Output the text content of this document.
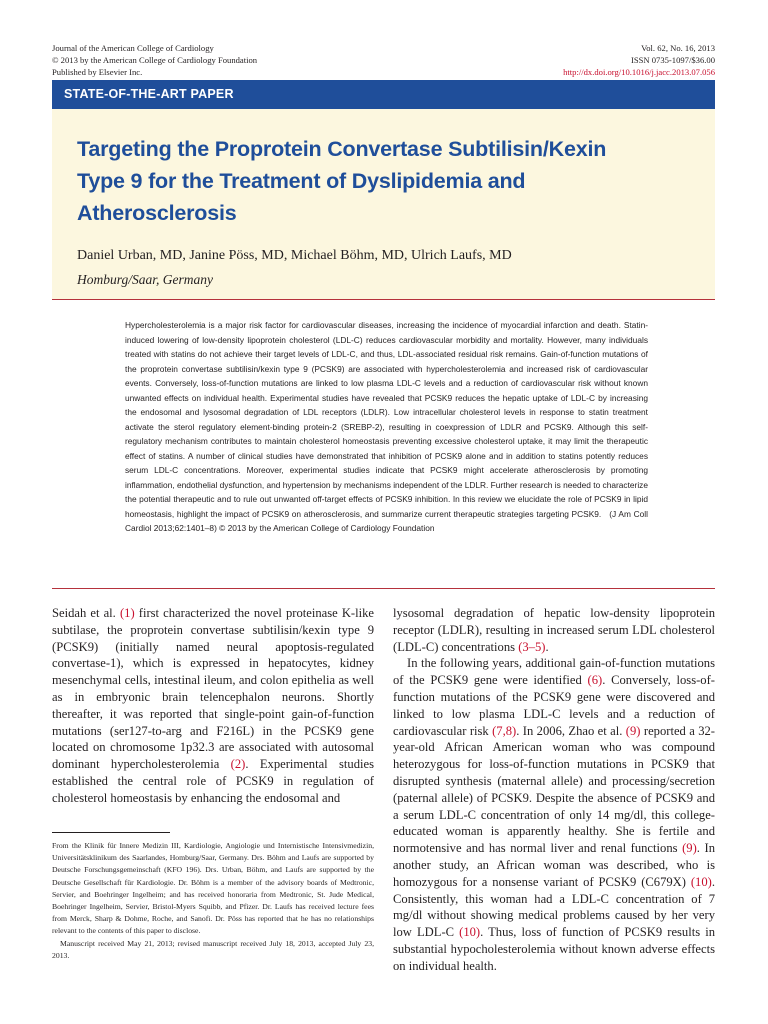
Journal of the American College of Cardiology
© 2013 by the American College of Cardiology Foundation
Published by Elsevier Inc.
Vol. 62, No. 16, 2013
ISSN 0735-1097/$36.00
http://dx.doi.org/10.1016/j.jacc.2013.07.056
STATE-OF-THE-ART PAPER
Targeting the Proprotein Convertase Subtilisin/Kexin Type 9 for the Treatment of Dyslipidemia and Atherosclerosis
Daniel Urban, MD, Janine Pöss, MD, Michael Böhm, MD, Ulrich Laufs, MD
Homburg/Saar, Germany
Hypercholesterolemia is a major risk factor for cardiovascular diseases, increasing the incidence of myocardial infarction and death. Statin-induced lowering of low-density lipoprotein cholesterol (LDL-C) reduces cardiovascular morbidity and mortality. However, many individuals treated with statins do not achieve their target levels of LDL-C, and thus, LDL-associated residual risk remains. Gain-of-function mutations of the proprotein convertase subtilisin/kexin type 9 (PCSK9) are associated with hypercholesterolemia and increased risk of cardiovascular events. Conversely, loss-of-function mutations are linked to low plasma LDL-C levels and a reduction of cardiovascular risk without known unwanted effects on individual health. Experimental studies have revealed that PCSK9 reduces the hepatic uptake of LDL-C by increasing the endosomal and lysosomal degradation of LDL receptors (LDLR). Low intracellular cholesterol levels in response to statin treatment activate the sterol regulatory element-binding protein-2 (SREBP-2), resulting in coexpression of LDLR and PCSK9. Although this self-regulatory mechanism contributes to maintain cholesterol homeostasis preventing excessive cholesterol uptake, it may limit the therapeutic effect of statins. A number of clinical studies have demonstrated that inhibition of PCSK9 alone and in addition to statins potently reduces serum LDL-C concentrations. Moreover, experimental studies indicate that PCSK9 might accelerate atherosclerosis by promoting inflammation, endothelial dysfunction, and hypertension by mechanisms independent of the LDLR. Further research is needed to characterize the potential therapeutic and to rule out unwanted off-target effects of PCSK9 inhibition. In this review we elucidate the role of PCSK9 in lipid homeostasis, highlight the impact of PCSK9 on atherosclerosis, and summarize current therapeutic strategies targeting PCSK9. (J Am Coll Cardiol 2013;62:1401–8) © 2013 by the American College of Cardiology Foundation

Seidah et al. (1) first characterized the novel proteinase K-like subtilase, the proprotein convertase subtilisin/kexin type 9 (PCSK9) (initially named neural apoptosis-regulated convertase-1), which is expressed in hepatocytes, kidney mesenchymal cells, intestinal ileum, and colon epithelia as well as in embryonic brain telencephalon neurons. Shortly thereafter, it was reported that single-point gain-of-function mutations (ser127-to-arg and F216L) in the PCSK9 gene located on chromosome 1p32.3 are associated with autosomal dominant hypercholesterolemia (2). Experimental studies established the central role of PCSK9 in regulation of cholesterol homeostasis by enhancing the endosomal and

From the Klinik für Innere Medizin III, Kardiologie, Angiologie und Internistische Intensivmedizin, Universitätsklinikum des Saarlandes, Homburg/Saar, Germany. Drs. Böhm and Laufs are supported by Deutsche Forschungsgemeinschaft (KFO 196). Drs. Urban, Böhm, and Laufs are supported by the Deutsche Gesellschaft für Kardiologie. Dr. Böhm is a member of the advisory boards of Medtronic, Servier, and Boehringer Ingelheim; and has received honoraria from Medtronic, St. Jude Medical, Boehringer Ingelheim, Servier, Bristol-Myers Squibb, and Pfizer. Dr. Laufs has received lecture fees from Merck, Sharp & Dohme, Roche, and Sanofi. Dr. Pöss has reported that he has no relationships relevant to the contents of this paper to disclose.

Manuscript received May 21, 2013; revised manuscript received July 18, 2013, accepted July 23, 2013.

lysosomal degradation of hepatic low-density lipoprotein receptor (LDLR), resulting in increased serum LDL cholesterol (LDL-C) concentrations (3–5).

In the following years, additional gain-of-function mutations of the PCSK9 gene were identified (6). Conversely, loss-of-function mutations of the PCSK9 gene were discovered and linked to low plasma LDL-C levels and a reduction of cardiovascular risk (7,8). In 2006, Zhao et al. (9) reported a 32-year-old African American woman who was compound heterozygous for loss-of-function mutations in PCSK9 that disrupted synthesis (maternal allele) and processing/secretion (paternal allele) of PCSK9. Despite the absence of PCSK9 and a serum LDL-C concentration of only 14 mg/dl, this college-educated woman is apparently healthy. She is fertile and normotensive and has normal liver and renal functions (9). In another study, an African woman was described, who is homozygous for a nonsense variant of PCSK9 (C679X) (10). Consistently, this woman had a LDL-C concentration of 7 mg/dl without showing medical problems caused by her very low LDL-C (10). Thus, loss of function of PCSK9 results in substantial hypocholesterolemia without known adverse effects on individual health.
